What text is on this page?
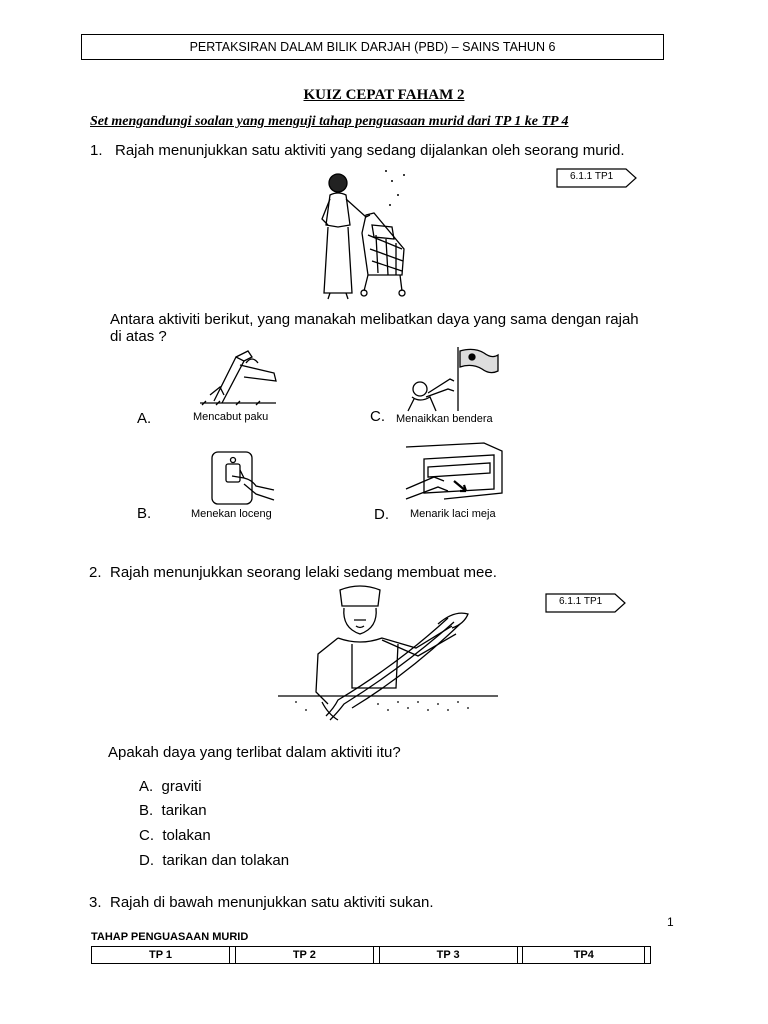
PERTAKSIRAN DALAM BILIK DARJAH (PBD) – SAINS TAHUN 6
KUIZ CEPAT FAHAM 2
Set mengandungi soalan yang menguji tahap penguasaan murid dari TP 1 ke TP 4
1. Rajah menunjukkan satu aktiviti yang sedang dijalankan oleh seorang murid.
6.1.1 TP1
Antara aktiviti berikut, yang manakah melibatkan daya yang sama dengan rajah
di atas ?
A.	Mencabut paku	C. Menaikkan bendera
B.	Menekan loceng	D. Menarik laci meja
2. Rajah menunjukkan seorang lelaki sedang membuat mee.
6.1.1 TP1
Apakah daya yang terlibat dalam aktiviti itu?
A. graviti
B. tarikan
C. tolakan
D. tarikan dan tolakan
3. Rajah di bawah menunjukkan satu aktiviti sukan.
1
TAHAP PENGUASAAN MURID
TP 1		TP 2		TP 3		TP4	
